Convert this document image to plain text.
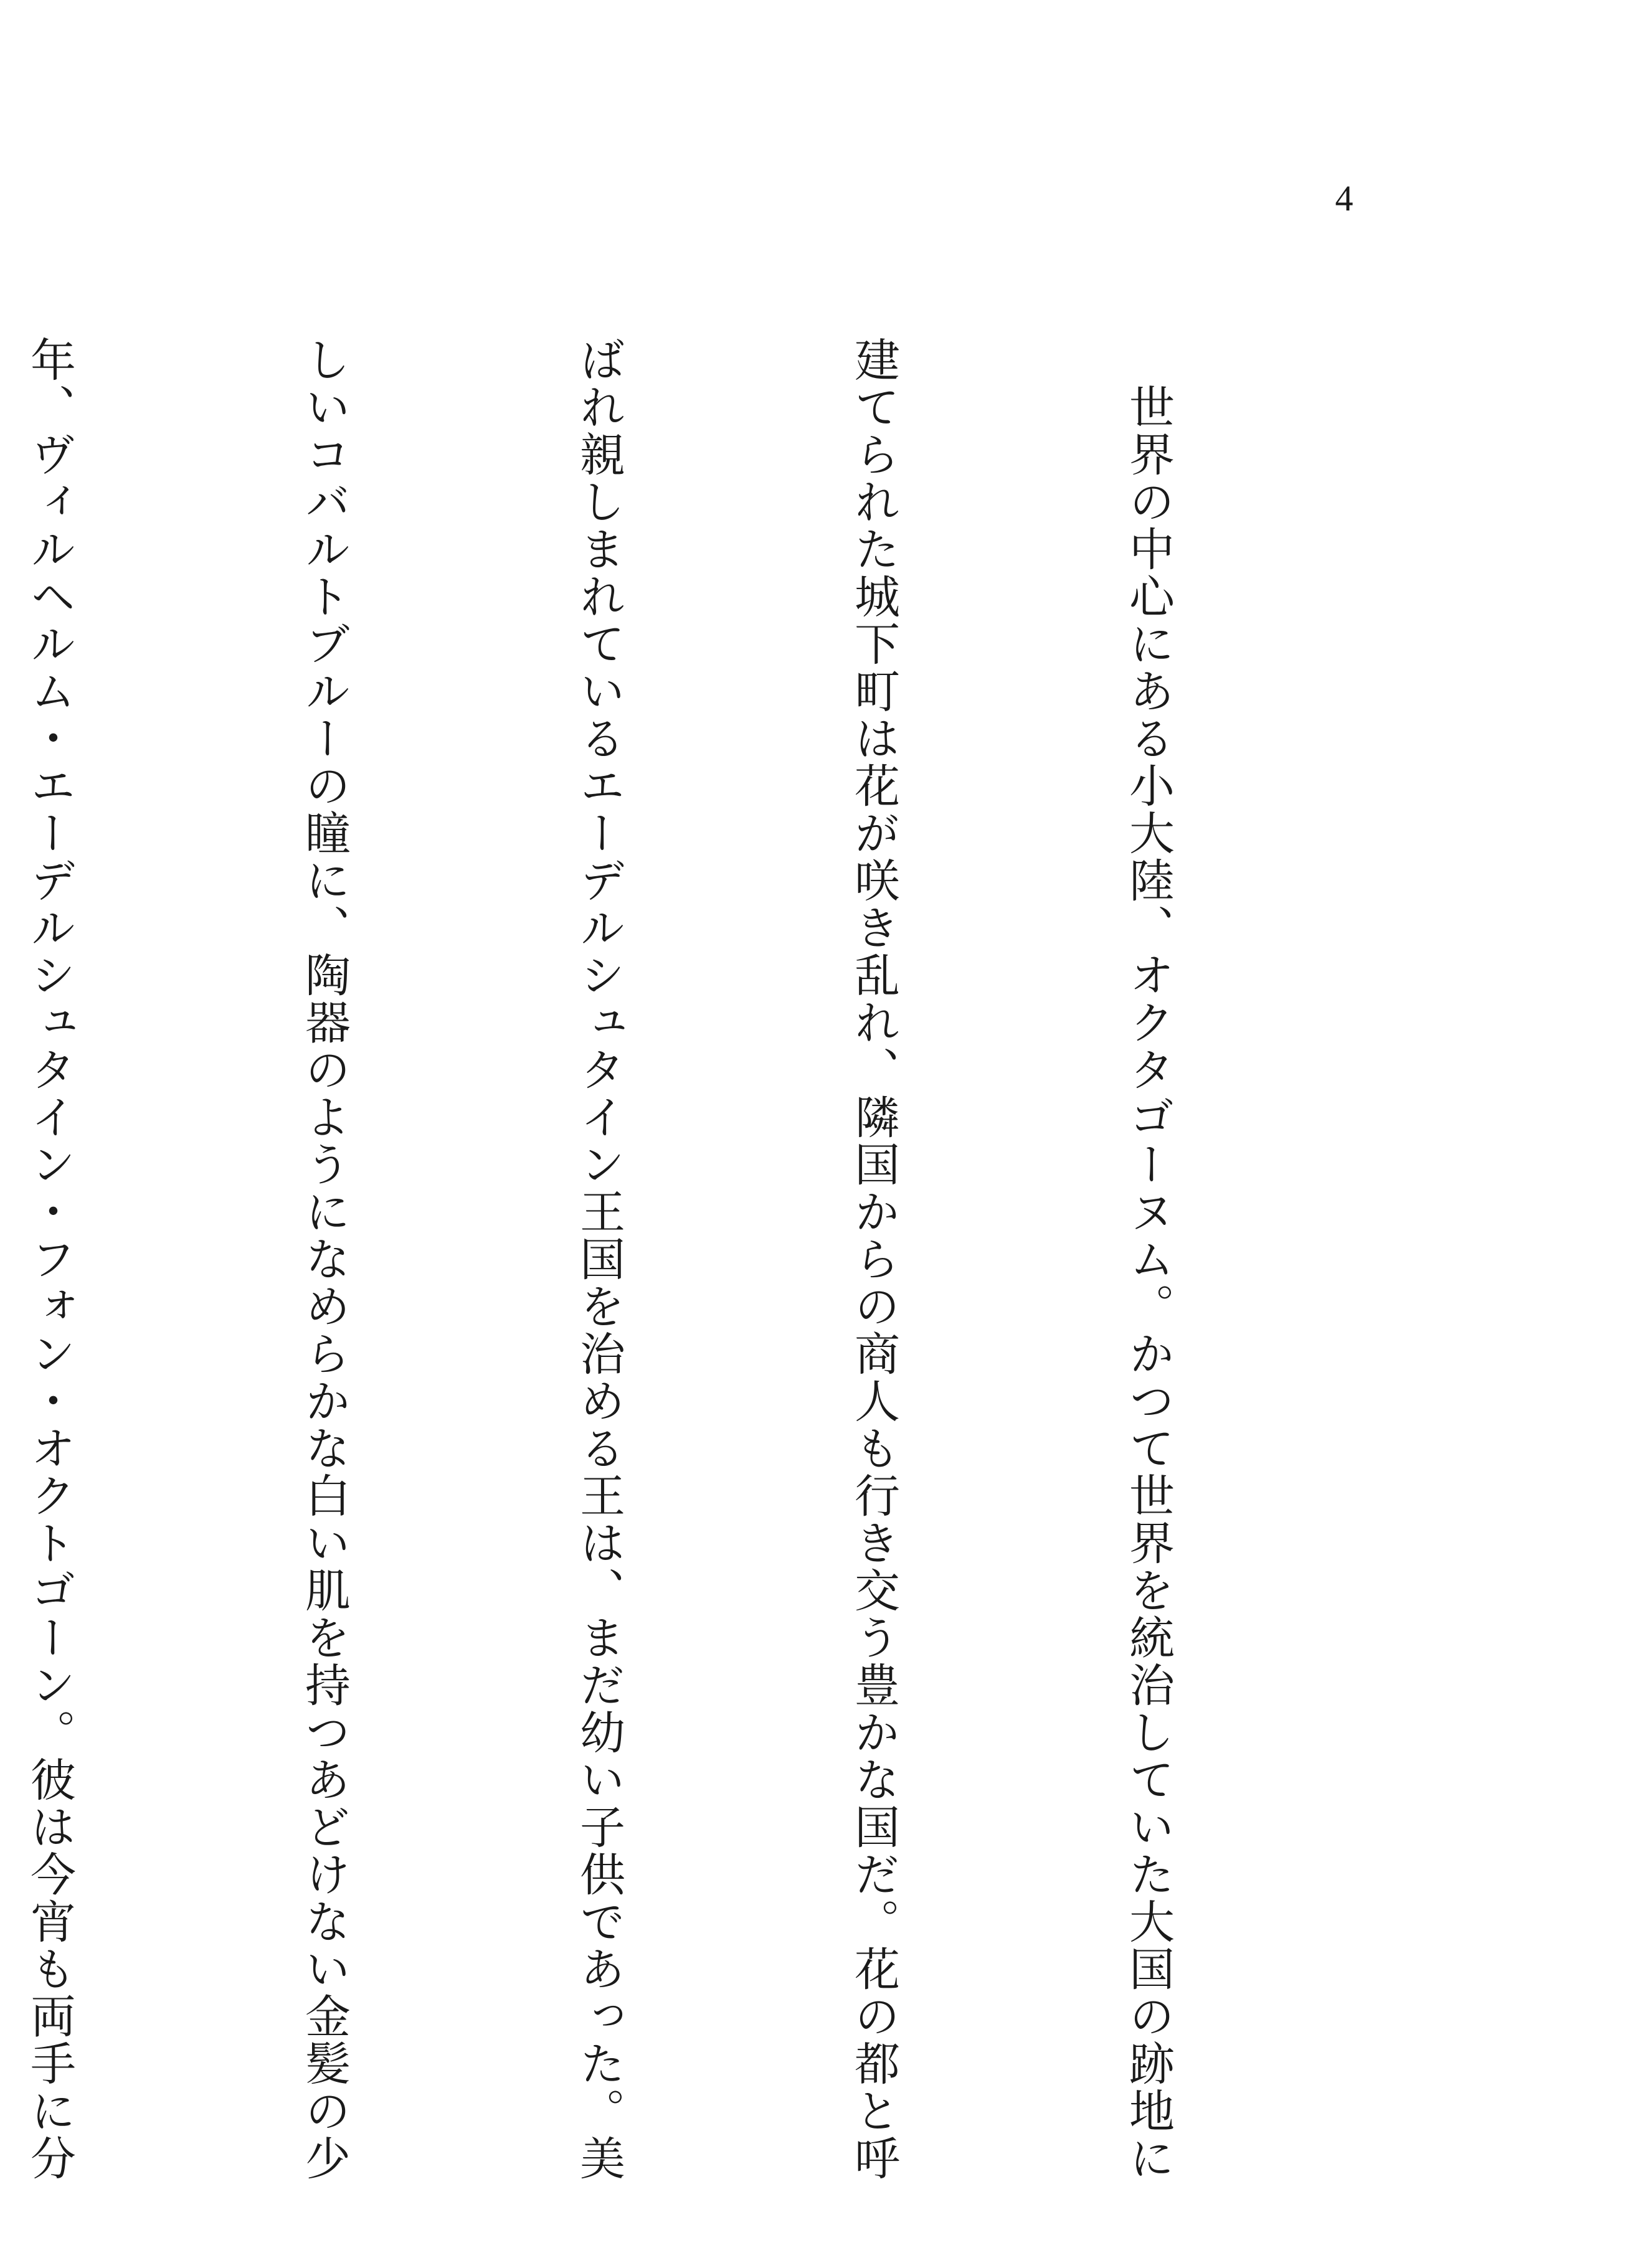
4

　世界の中心にある小大陸、オクタゴーヌム。かつて世界を統治していた大国の跡地に

建てられた城下町は花が咲き乱れ、隣国からの商人も行き交う豊かな国だ。花の都と呼

ばれ親しまれているエーデルシュタイン王国を治める王は、まだ幼い子供であった。美

しいコバルトブルーの瞳に、陶器のようになめらかな白い肌を持つあどけない金髪の少

年、ヴィルヘルム・エーデルシュタイン・フォン・オクトゴーン。彼は今宵も両手に分
